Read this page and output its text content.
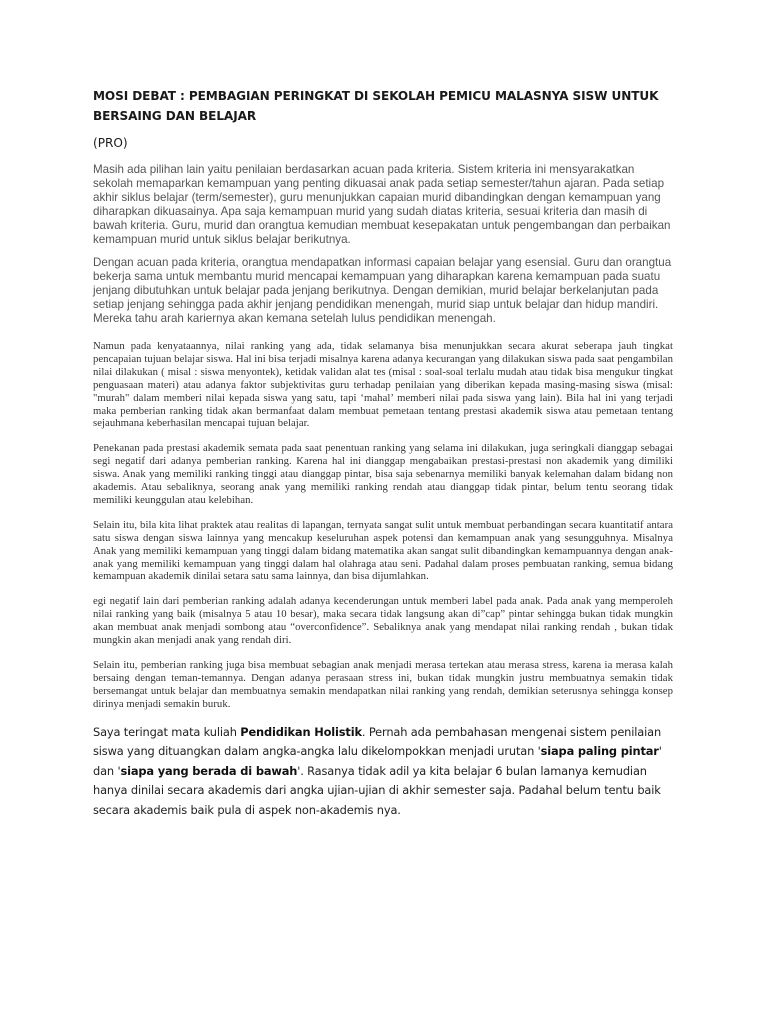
MOSI DEBAT : PEMBAGIAN PERINGKAT DI SEKOLAH PEMICU MALASNYA SISW UNTUK BERSAING DAN BELAJAR

(PRO)

Masih ada pilihan lain yaitu penilaian berdasarkan acuan pada kriteria. Sistem kriteria ini mensyarakatkan sekolah memaparkan kemampuan yang penting dikuasai anak pada setiap semester/tahun ajaran. Pada setiap akhir siklus belajar (term/semester), guru menunjukkan capaian murid dibandingkan dengan kemampuan yang diharapkan dikuasainya. Apa saja kemampuan murid yang sudah diatas kriteria, sesuai kriteria dan masih di bawah kriteria. Guru, murid dan orangtua kemudian membuat kesepakatan untuk pengembangan dan perbaikan kemampuan murid untuk siklus belajar berikutnya.

Dengan acuan pada kriteria, orangtua mendapatkan informasi capaian belajar yang esensial. Guru dan orangtua bekerja sama untuk membantu murid mencapai kemampuan yang diharapkan karena kemampuan pada suatu jenjang dibutuhkan untuk belajar pada jenjang berikutnya. Dengan demikian, murid belajar berkelanjutan pada setiap jenjang sehingga pada akhir jenjang pendidikan menengah, murid siap untuk belajar dan hidup mandiri. Mereka tahu arah kariernya akan kemana setelah lulus pendidikan menengah.

Namun pada kenyataannya, nilai ranking yang ada, tidak selamanya bisa menunjukkan secara akurat seberapa jauh tingkat pencapaian tujuan belajar siswa. Hal ini bisa terjadi misalnya karena adanya kecurangan yang dilakukan siswa pada saat pengambilan nilai dilakukan ( misal : siswa menyontek), ketidak validan alat tes (misal : soal-soal terlalu mudah atau tidak bisa mengukur tingkat penguasaan materi) atau adanya faktor subjektivitas guru terhadap penilaian yang diberikan kepada masing-masing siswa (misal: "murah" dalam memberi nilai kepada siswa yang satu, tapi ‘mahal’ memberi nilai pada siswa yang lain). Bila hal ini yang terjadi maka pemberian ranking tidak akan bermanfaat dalam membuat pemetaan tentang prestasi akademik siswa atau pemetaan tentang sejauhmana keberhasilan mencapai tujuan belajar.

Penekanan pada prestasi akademik semata pada saat penentuan ranking yang selama ini dilakukan, juga seringkali dianggap sebagai segi negatif dari adanya pemberian ranking. Karena hal ini dianggap mengabaikan prestasi-prestasi non akademik yang dimiliki siswa. Anak yang memiliki ranking tinggi atau dianggap pintar, bisa saja sebenarnya memiliki banyak kelemahan dalam bidang non akademis. Atau sebaliknya, seorang anak yang memiliki ranking rendah atau dianggap tidak pintar, belum tentu seorang tidak memiliki keunggulan atau kelebihan.

Selain itu, bila kita lihat praktek atau realitas di lapangan, ternyata sangat sulit untuk membuat perbandingan secara kuantitatif antara satu siswa dengan siswa lainnya yang mencakup keseluruhan aspek potensi dan kemampuan anak yang sesungguhnya. Misalnya Anak yang memiliki kemampuan yang tinggi dalam bidang matematika akan sangat sulit dibandingkan kemampuannya dengan anak-anak yang memiliki kemampuan yang tinggi dalam hal olahraga atau seni. Padahal dalam proses pembuatan ranking, semua bidang kemampuan akademik dinilai setara satu sama lainnya, dan bisa dijumlahkan.

egi negatif lain dari pemberian ranking adalah adanya kecenderungan untuk memberi label pada anak. Pada anak yang memperoleh nilai ranking yang baik (misalnya 5 atau 10 besar), maka secara tidak langsung akan di”cap” pintar sehingga bukan tidak mungkin akan membuat anak menjadi sombong atau “overconfidence”. Sebaliknya anak yang mendapat nilai ranking rendah , bukan tidak mungkin akan menjadi anak yang rendah diri.

Selain itu, pemberian ranking juga bisa membuat sebagian anak menjadi merasa tertekan atau merasa stress, karena ia merasa kalah bersaing dengan teman-temannya. Dengan adanya perasaan stress ini, bukan tidak mungkin justru membuatnya semakin tidak bersemangat untuk belajar dan membuatnya semakin mendapatkan nilai ranking yang rendah, demikian seterusnya sehingga konsep dirinya menjadi semakin buruk.

Saya teringat mata kuliah Pendidikan Holistik. Pernah ada pembahasan mengenai sistem penilaian siswa yang dituangkan dalam angka-angka lalu dikelompokkan menjadi urutan 'siapa paling pintar' dan 'siapa yang berada di bawah'. Rasanya tidak adil ya kita belajar 6 bulan lamanya kemudian hanya dinilai secara akademis dari angka ujian-ujian di akhir semester saja. Padahal belum tentu baik secara akademis baik pula di aspek non-akademis nya.
